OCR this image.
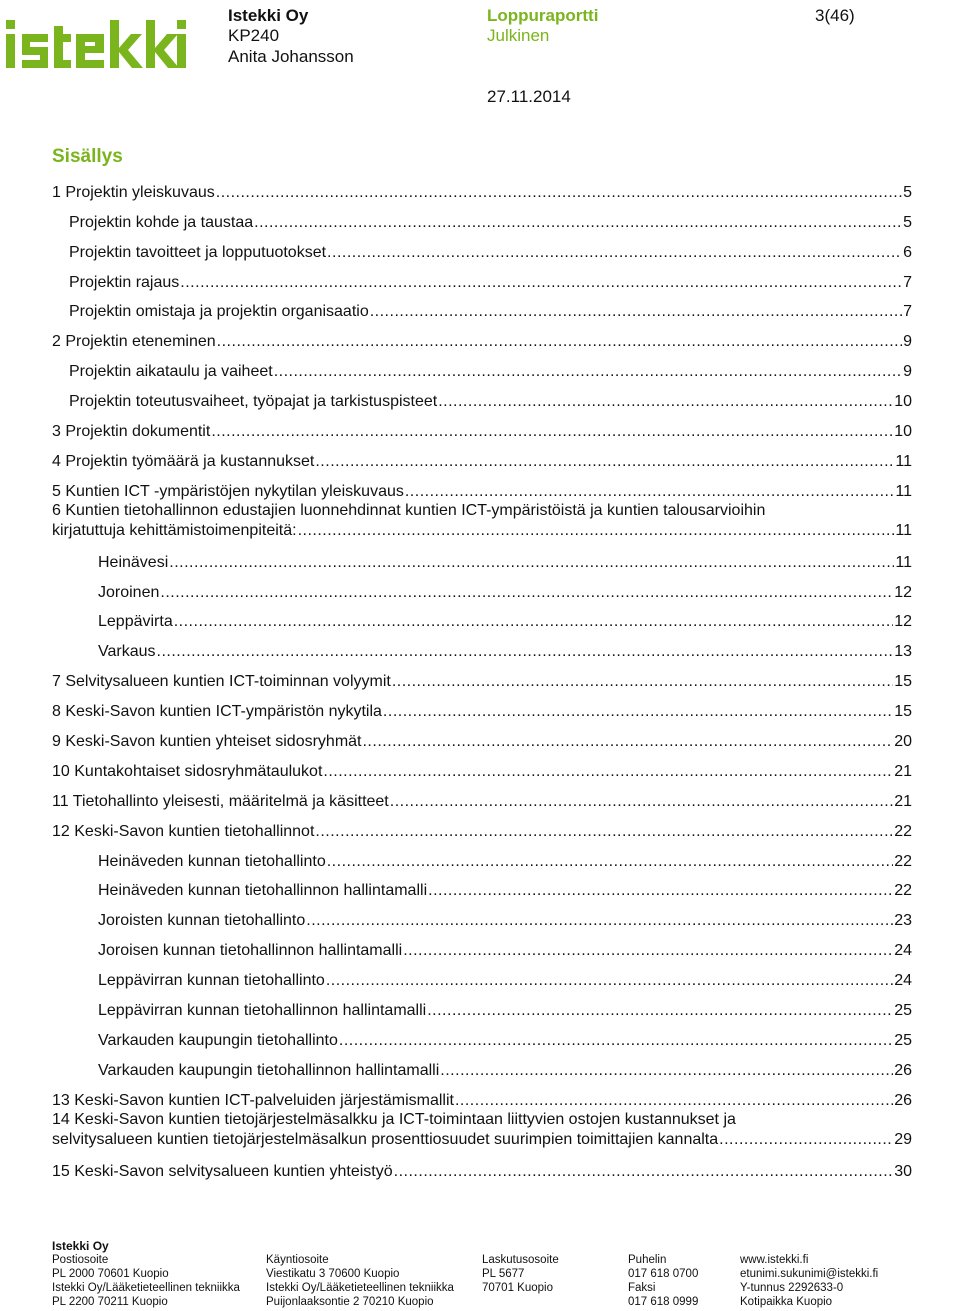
Istekki Oy
KP240
Anita Johansson
Loppuraportti
Julkinen
27.11.2014
3(46)
Sisällys
1 Projektin yleiskuvaus .....	5
Projektin kohde ja taustaa .....	5
Projektin tavoitteet ja lopputuotokset .....	6
Projektin rajaus .....	7
Projektin omistaja ja projektin organisaatio .....	7
2 Projektin eteneminen .....	9
Projektin aikataulu ja vaiheet .....	9
Projektin toteutusvaiheet, työpajat ja tarkistuspisteet .....	10
3 Projektin dokumentit .....	10
4 Projektin työmäärä ja kustannukset .....	11
5 Kuntien ICT -ympäristöjen nykytilan yleiskuvaus .....	11
6 Kuntien tietohallinnon edustajien luonnehdinnat kuntien ICT-ympäristöistä ja kuntien talousarvioihin
kirjatuttuja kehittämistoimenpiteitä: .....	11
Heinävesi .....	11
Joroinen .....	12
Leppävirta .....	12
Varkaus .....	13
7 Selvitysalueen kuntien ICT-toiminnan volyymit .....	15
8 Keski-Savon kuntien ICT-ympäristön nykytila .....	15
9 Keski-Savon kuntien yhteiset sidosryhmät .....	20
10 Kuntakohtaiset sidosryhmätaulukot .....	21
11 Tietohallinto yleisesti, määritelmä ja käsitteet .....	21
12 Keski-Savon kuntien tietohallinnot .....	22
Heinäveden kunnan tietohallinto .....	22
Heinäveden kunnan tietohallinnon hallintamalli .....	22
Joroisten kunnan tietohallinto .....	23
Joroisen kunnan tietohallinnon hallintamalli .....	24
Leppävirran kunnan tietohallinto .....	24
Leppävirran kunnan tietohallinnon hallintamalli .....	25
Varkauden kaupungin tietohallinto .....	25
Varkauden kaupungin tietohallinnon hallintamalli .....	26
13 Keski-Savon kuntien ICT-palveluiden järjestämismallit .....	26
14 Keski-Savon kuntien tietojärjestelmäsalkku ja ICT-toimintaan liittyvien ostojen kustannukset ja
selvitysalueen kuntien tietojärjestelmäsalkun prosenttiosuudet suurimpien toimittajien kannalta .....	29
15 Keski-Savon selvitysalueen kuntien yhteistyö .....	30
Istekki Oy
Postiosoite
PL 2000 70601 Kuopio
Istekki Oy/Lääketieteellinen tekniikka
PL 2200 70211 Kuopio
Käyntiosoite
Viestikatu 3 70600 Kuopio
Istekki Oy/Lääketieteellinen tekniikka
Puijonlaaksontie 2 70210 Kuopio
Laskutusosoite
PL 5677
70701 Kuopio

Puhelin
017 618 0700
Faksi
017 618 0999
www.istekki.fi
etunimi.sukunimi@istekki.fi
Y-tunnus 2292633-0
Kotipaikka Kuopio
